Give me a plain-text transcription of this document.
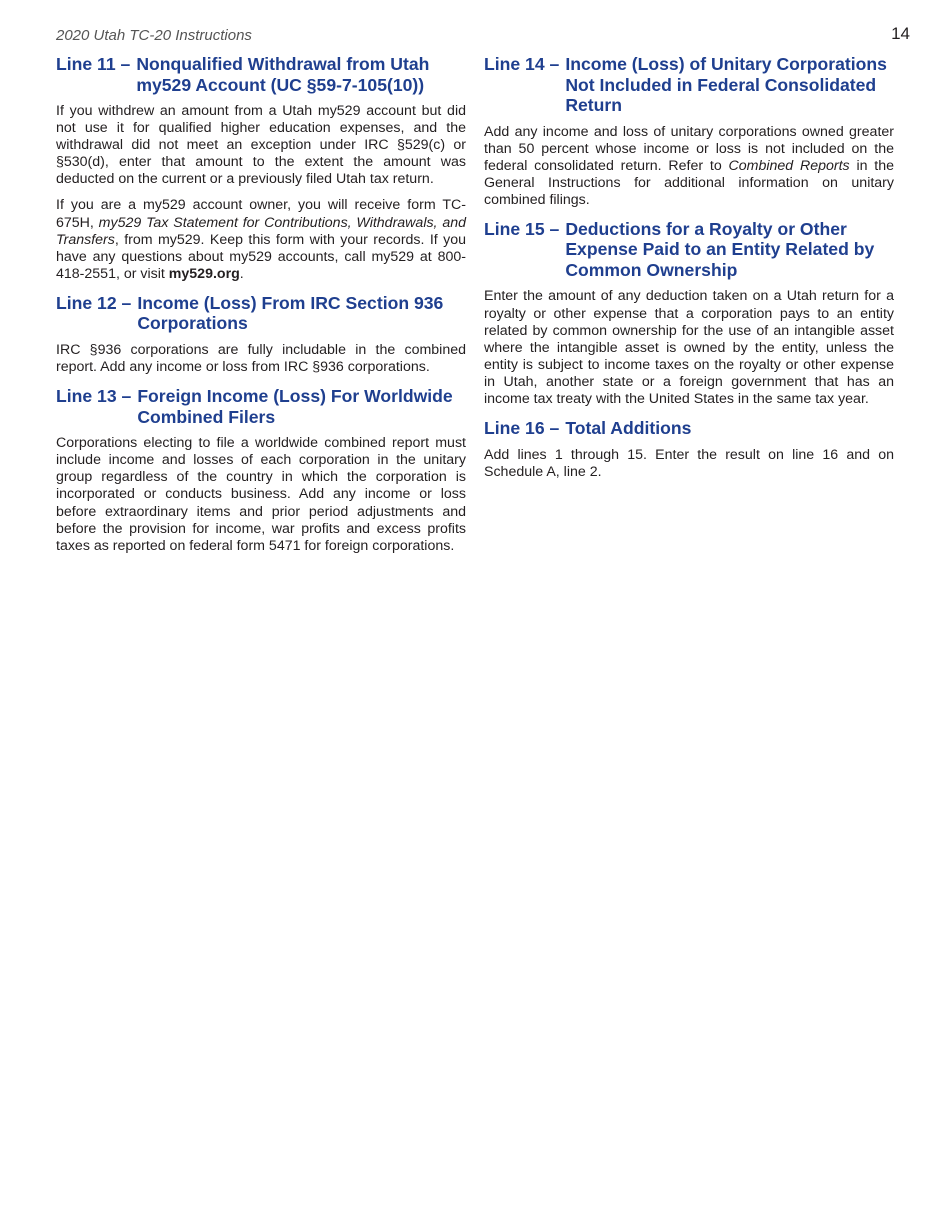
2020 Utah TC-20 Instructions	14
Line 11 – Nonqualified Withdrawal from Utah my529 Account (UC §59-7-105(10))

If you withdrew an amount from a Utah my529 account but did not use it for qualified higher education expenses, and the withdrawal did not meet an exception under IRC §529(c) or §530(d), enter that amount to the extent the amount was deducted on the current or a previously filed Utah tax return.

If you are a my529 account owner, you will receive form TC-675H, my529 Tax Statement for Contributions, Withdrawals, and Transfers, from my529. Keep this form with your records. If you have any questions about my529 accounts, call my529 at 800-418-2551, or visit my529.org.

Line 12 – Income (Loss) From IRC Section 936 Corporations

IRC §936 corporations are fully includable in the combined report. Add any income or loss from IRC §936 corporations.

Line 13 – Foreign Income (Loss) For Worldwide Combined Filers

Corporations electing to file a worldwide combined report must include income and losses of each corporation in the unitary group regardless of the country in which the corporation is incorporated or conducts business. Add any income or loss before extraordinary items and prior period adjustments and before the provision for income, war profits and excess profits taxes as reported on federal form 5471 for foreign corporations.

Line 14 – Income (Loss) of Unitary Corporations Not Included in Federal Consolidated Return

Add any income and loss of unitary corporations owned greater than 50 percent whose income or loss is not included on the federal consolidated return. Refer to Combined Reports in the General Instructions for additional information on unitary combined filings.

Line 15 – Deductions for a Royalty or Other Expense Paid to an Entity Related by Common Ownership

Enter the amount of any deduction taken on a Utah return for a royalty or other expense that a corporation pays to an entity related by common ownership for the use of an intangible asset where the intangible asset is owned by the entity, unless the entity is subject to income taxes on the royalty or other expense in Utah, another state or a foreign government that has an income tax treaty with the United States in the same tax year.

Line 16 – Total Additions

Add lines 1 through 15. Enter the result on line 16 and on Schedule A, line 2.
